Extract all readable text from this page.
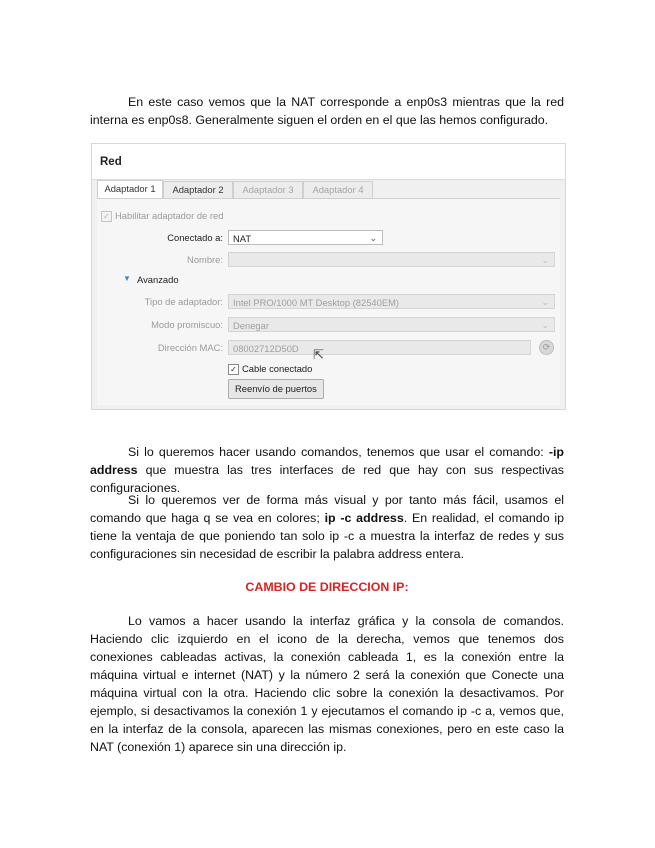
En este caso vemos que la NAT corresponde a enp0s3 mientras que la red interna es enp0s8. Generalmente siguen el orden en el que las hemos configurado.

Red
Adaptador 1	Adaptador 2	Adaptador 3	Adaptador 4
✓ Habilitar adaptador de red
Conectado a:	NAT	⌄
Nombre:	⌄
▼ Avanzado
Tipo de adaptador:	Intel PRO/1000 MT Desktop (82540EM)	⌄
Modo promiscuo:	Denegar	⌄
Dirección MAC:	08002712D50D	⇱	⟳
✓ Cable conectado
Reenvío de puertos

Si lo queremos hacer usando comandos, tenemos que usar el comando: -ip address que muestra las tres interfaces de red que hay con sus respectivas configuraciones.

Si lo queremos ver de forma más visual y por tanto más fácil, usamos el comando que haga q se vea en colores; ip -c address. En realidad, el comando ip tiene la ventaja de que poniendo tan solo ip -c a muestra la interfaz de redes y sus configuraciones sin necesidad de escribir la palabra address entera.

CAMBIO DE DIRECCION IP:

Lo vamos a hacer usando la interfaz gráfica y la consola de comandos. Haciendo clic izquierdo en el icono de la derecha, vemos que tenemos dos conexiones cableadas activas, la conexión cableada 1, es la conexión entre la máquina virtual e internet (NAT) y la número 2 será la conexión que Conecte una máquina virtual con la otra. Haciendo clic sobre la conexión la desactivamos. Por ejemplo, si desactivamos la conexión 1 y ejecutamos el comando ip -c a, vemos que, en la interfaz de la consola, aparecen las mismas conexiones, pero en este caso la NAT (conexión 1) aparece sin una dirección ip.
